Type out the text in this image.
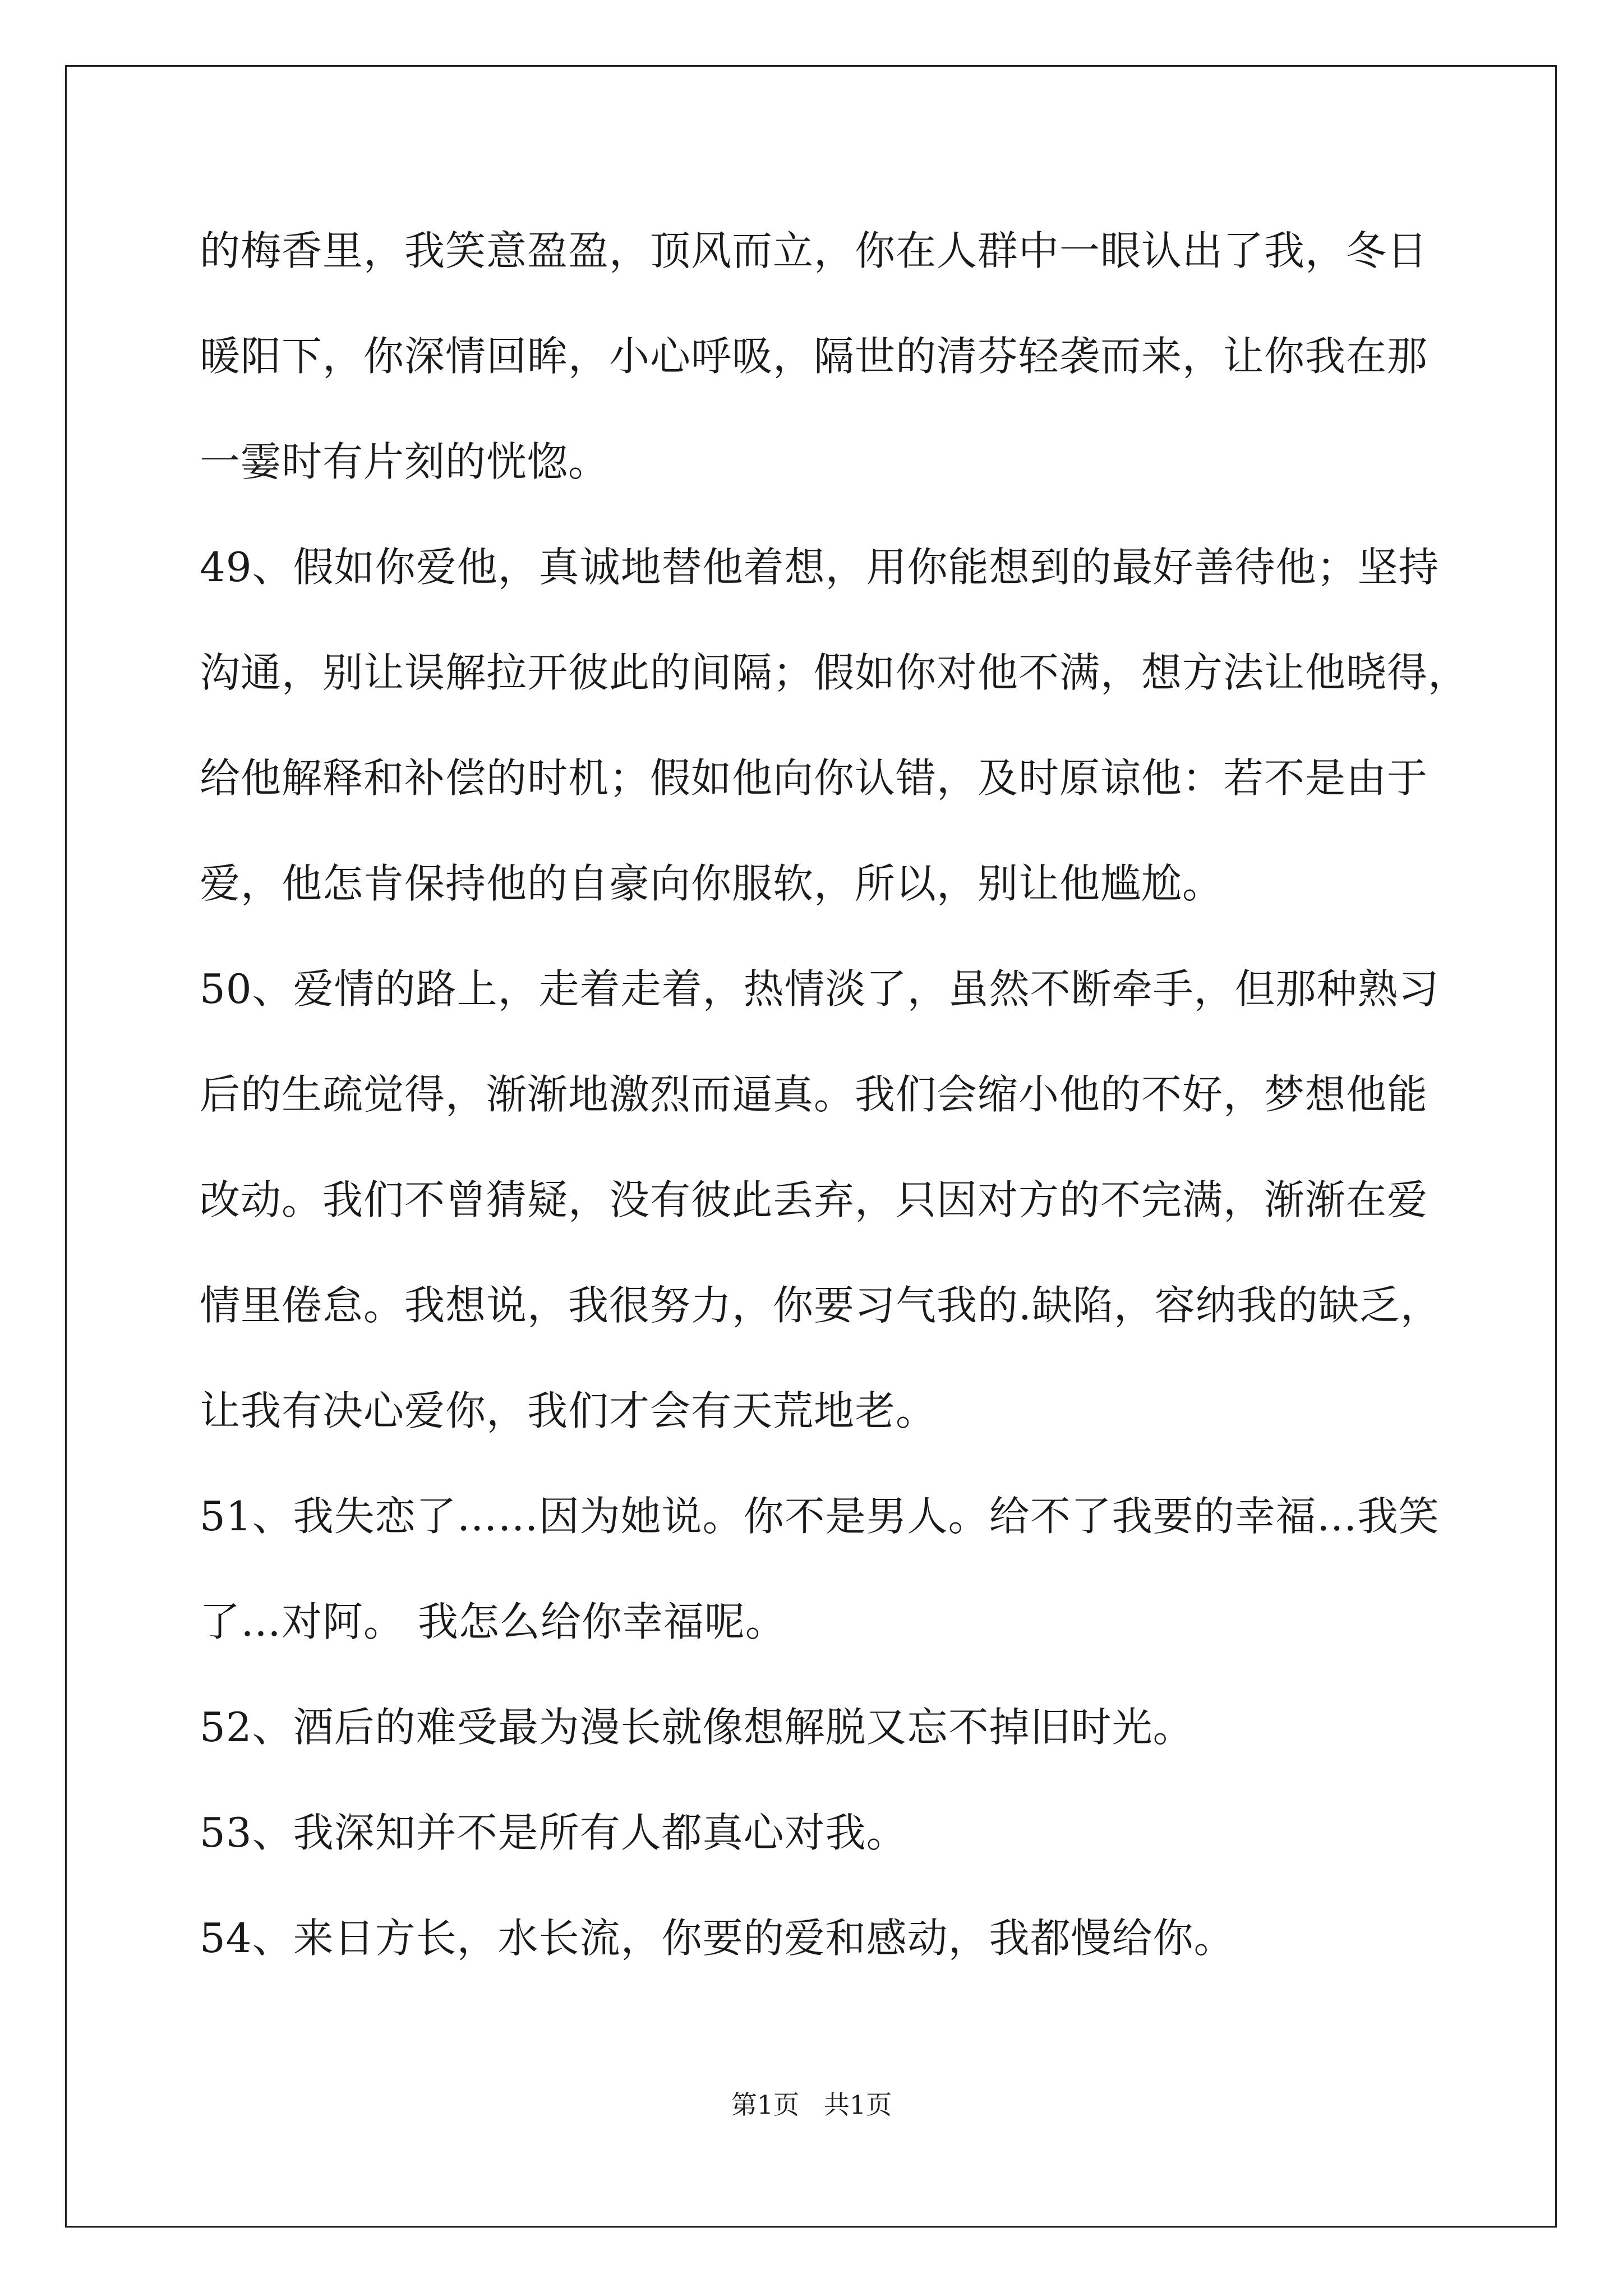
的梅香里，我笑意盈盈，顶风而立，你在人群中一眼认出了我，冬日
暖阳下，你深情回眸，小心呼吸，隔世的清芬轻袭而来，让你我在那
一霎时有片刻的恍惚。
49、假如你爱他，真诚地替他着想，用你能想到的最好善待他；坚持
沟通，别让误解拉开彼此的间隔；假如你对他不满，想方法让他晓得，
给他解释和补偿的时机；假如他向你认错，及时原谅他：若不是由于
爱，他怎肯保持他的自豪向你服软，所以，别让他尴尬。
50、爱情的路上，走着走着，热情淡了，虽然不断牵手，但那种熟习
后的生疏觉得，渐渐地激烈而逼真。我们会缩小他的不好，梦想他能
改动。我们不曾猜疑，没有彼此丢弃，只因对方的不完满，渐渐在爱
情里倦怠。我想说，我很努力，你要习气我的.缺陷，容纳我的缺乏，
让我有决心爱你，我们才会有天荒地老。
51、我失恋了……因为她说。你不是男人。给不了我要的幸福…我笑
了…对阿。 我怎么给你幸福呢。
52、酒后的难受最为漫长就像想解脱又忘不掉旧时光。
53、我深知并不是所有人都真心对我。
54、来日方长，水长流，你要的爱和感动，我都慢给你。
第1页   共1页
